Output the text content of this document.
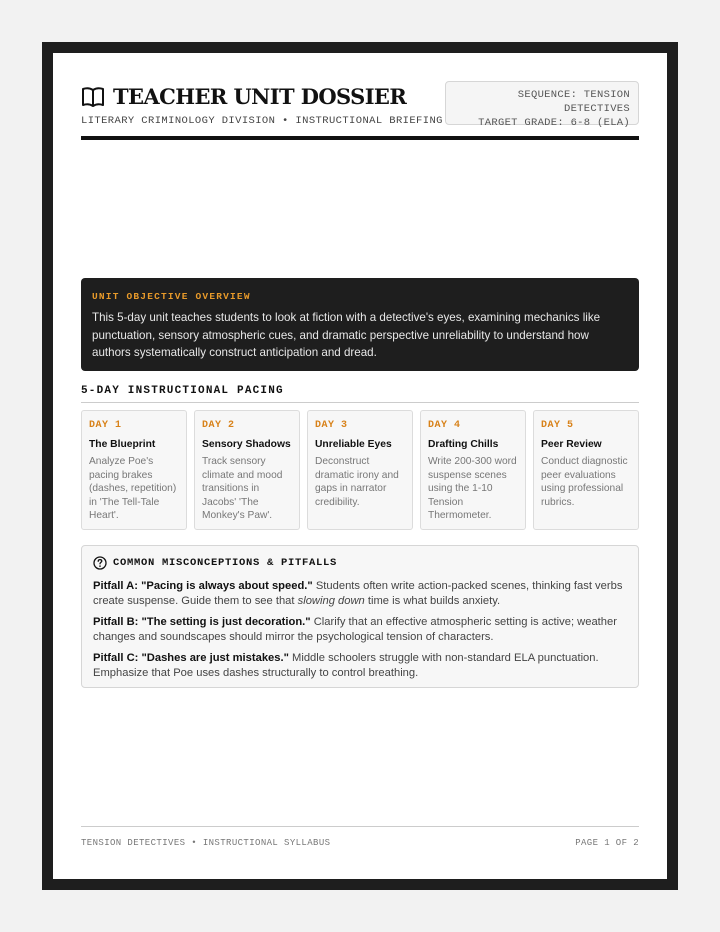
TEACHER UNIT DOSSIER
LITERARY CRIMINOLOGY DIVISION • INSTRUCTIONAL BRIEFING
SEQUENCE: TENSION DETECTIVES
TARGET GRADE: 6-8 (ELA)
UNIT OBJECTIVE OVERVIEW

This 5-day unit teaches students to look at fiction with a detective's eyes, examining mechanics like punctuation, sensory atmospheric cues, and dramatic perspective unreliability to understand how authors systematically construct anticipation and dread.

5-DAY INSTRUCTIONAL PACING
DAY 1
The Blueprint
Analyze Poe's pacing brakes (dashes, repetition) in 'The Tell-Tale Heart'.
DAY 2
Sensory Shadows
Track sensory climate and mood transitions in Jacobs' 'The Monkey's Paw'.
DAY 3
Unreliable Eyes
Deconstruct dramatic irony and gaps in narrator credibility.
DAY 4
Drafting Chills
Write 200-300 word suspense scenes using the 1-10 Tension Thermometer.
DAY 5
Peer Review
Conduct diagnostic peer evaluations using professional rubrics.
COMMON MISCONCEPTIONS & PITFALLS

Pitfall A: "Pacing is always about speed." Students often write action-packed scenes, thinking fast verbs create suspense. Guide them to see that slowing down time is what builds anxiety.

Pitfall B: "The setting is just decoration." Clarify that an effective atmospheric setting is active; weather changes and soundscapes should mirror the psychological tension of characters.

Pitfall C: "Dashes are just mistakes." Middle schoolers struggle with non-standard ELA punctuation. Emphasize that Poe uses dashes structurally to control breathing.

TENSION DETECTIVES • INSTRUCTIONAL SYLLABUS	PAGE 1 OF 2
